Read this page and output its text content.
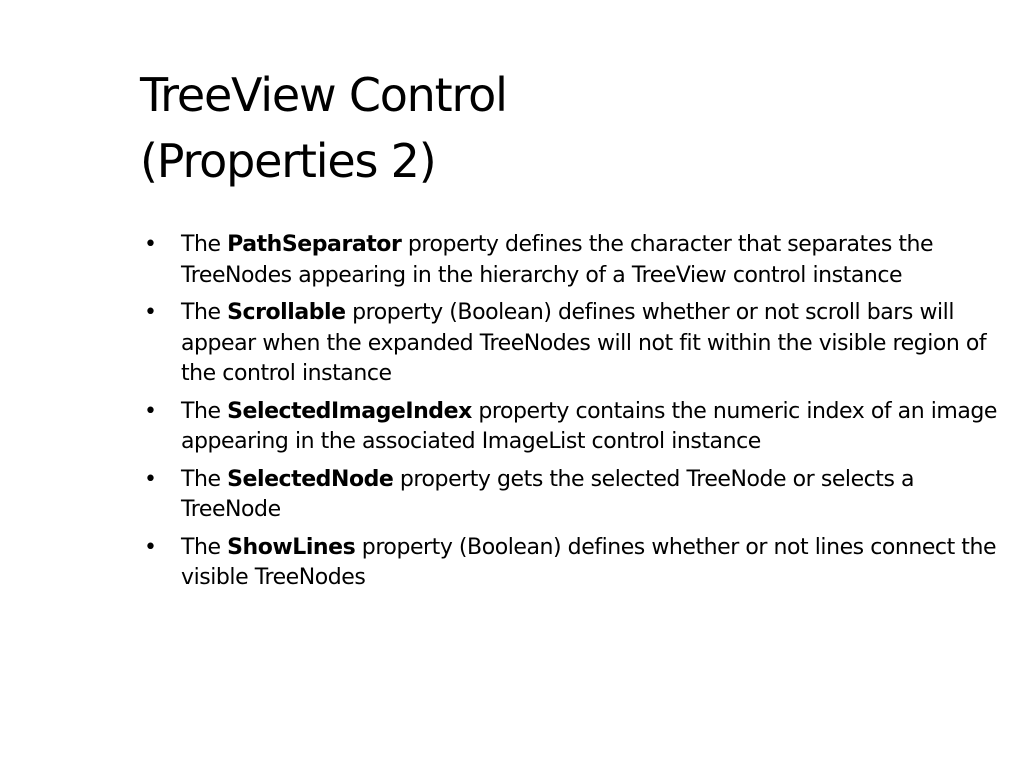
TreeView Control
(Properties 2)
• The PathSeparator property defines the character that separates the TreeNodes appearing in the hierarchy of a TreeView control instance
• The Scrollable property (Boolean) defines whether or not scroll bars will appear when the expanded TreeNodes will not fit within the visible region of the control instance
• The SelectedImageIndex property contains the numeric index of an image appearing in the associated ImageList control instance
• The SelectedNode property gets the selected TreeNode or selects a TreeNode
• The ShowLines property (Boolean) defines whether or not lines connect the visible TreeNodes
